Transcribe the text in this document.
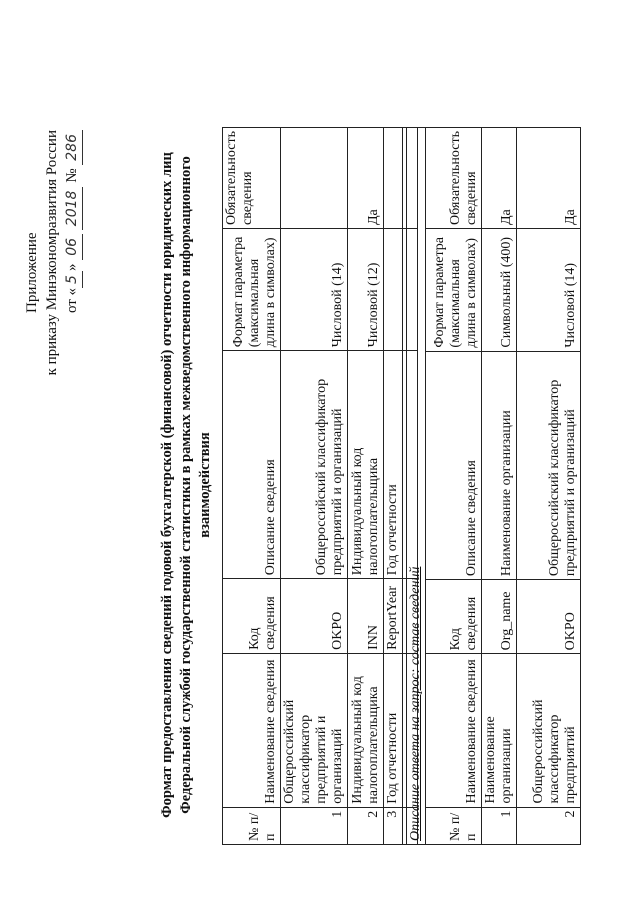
Приложение к приказу Минэкономразвития России от «5» 06 2018 № 286
Формат предоставления сведений годовой бухгалтерской (финансовой) отчетности юридических лиц Федеральной службой государственной статистики в рамках межведомственного информационного взаимодействия
№ п/п	Наименование сведения	Код сведения	Описание сведения	Формат параметра (максимальная длина в символах)	Обязательность сведения
1	Общероссийский классификатор предприятий и организаций	OKPO	Общероссийский классификатор предприятий и организаций	Числовой (14)	
2	Индивидуальный код налогоплательщика	INN	Индивидуальный код налогоплательщика	Числовой (12)	Да
3	Год отчетности	ReportYear	Год отчетности		

Описание ответа на запрос: состав сведений					
№ п/п	Наименование сведения	Код сведения	Описание сведения	Формат параметра (максимальная длина в символах)	Обязательность сведения
1	Наименование организации	Org_name	Наименование организации	Символьный (400)	Да
2	Общероссийский классификатор предприятий	OKPO	Общероссийский классификатор предприятий и организаций	Числовой (14)	Да
